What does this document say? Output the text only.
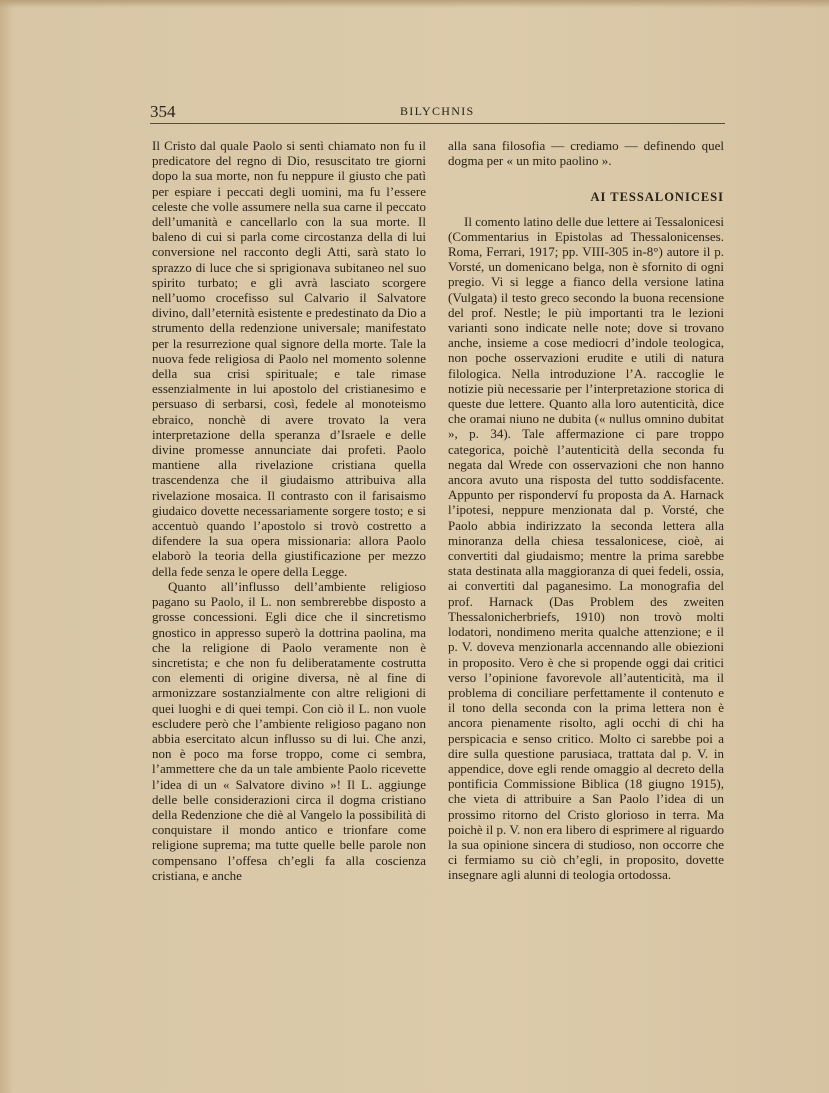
354	BILYCHNIS

Il Cristo dal quale Paolo si sentì chiamato non fu il predicatore del regno di Dio, resuscitato tre giorni dopo la sua morte, non fu neppure il giusto che patì per espiare i peccati degli uomini, ma fu l’essere celeste che volle assumere nella sua carne il peccato dell’umanità e cancellarlo con la sua morte. Il baleno di cui si parla come circostanza della di lui conversione nel racconto degli Atti, sarà stato lo sprazzo di luce che si sprigionava subitaneo nel suo spirito turbato; e gli avrà lasciato scorgere nell’uomo crocefisso sul Calvario il Salvatore divino, dall’eternità esistente e predestinato da Dio a strumento della redenzione universale; manifestato per la resurrezione qual signore della morte. Tale la nuova fede religiosa di Paolo nel momento solenne della sua crisi spirituale; e tale rimase essenzialmente in lui apostolo del cristianesimo e persuaso di serbarsi, così, fedele al monoteismo ebraico, nonchè di avere trovato la vera interpretazione della speranza d’Israele e delle divine promesse annunciate dai profeti. Paolo mantiene alla rivelazione cristiana quella trascendenza che il giudaismo attribuiva alla rivelazione mosaica. Il contrasto con il farisaismo giudaico dovette necessariamente sorgere tosto; e si accentuò quando l’apostolo si trovò costretto a difendere la sua opera missionaria: allora Paolo elaborò la teoria della giustificazione per mezzo della fede senza le opere della Legge.

Quanto all’influsso dell’ambiente religioso pagano su Paolo, il L. non sembrerebbe disposto a grosse concessioni. Egli dice che il sincretismo gnostico in appresso superò la dottrina paolina, ma che la religione di Paolo veramente non è sincretista; e che non fu deliberatamente costrutta con elementi di origine diversa, nè al fine di armonizzare sostanzialmente con altre religioni di quei luoghi e di quei tempi. Con ciò il L. non vuole escludere però che l’ambiente religioso pagano non abbia esercitato alcun influsso su di lui. Che anzi, non è poco ma forse troppo, come ci sembra, l’ammettere che da un tale ambiente Paolo ricevette l’idea di un « Salvatore divino »! Il L. aggiunge delle belle considerazioni circa il dogma cristiano della Redenzione che diè al Vangelo la possibilità di conquistare il mondo antico e trionfare come religione suprema; ma tutte quelle belle parole non compensano l’offesa ch’egli fa alla coscienza cristiana, e anche

alla sana filosofia — crediamo — definendo quel dogma per « un mito paolino ».

AI TESSALONICESI

Il comento latino delle due lettere ai Tessalonicesi (Commentarius in Epistolas ad Thessalonicenses. Roma, Ferrari, 1917; pp. VIII-305 in-8°) autore il p. Vorsté, un domenicano belga, non è sfornito di ogni pregio. Vi si legge a fianco della versione latina (Vulgata) il testo greco secondo la buona recensione del prof. Nestle; le più importanti tra le lezioni varianti sono indicate nelle note; dove si trovano anche, insieme a cose mediocri d’indole teologica, non poche osservazioni erudite e utili di natura filologica. Nella introduzione l’A. raccoglie le notizie più necessarie per l’interpretazione storica di queste due lettere. Quanto alla loro autenticità, dice che oramai niuno ne dubita (« nullus omnino dubitat », p. 34). Tale affermazione ci pare troppo categorica, poichè l’autenticità della seconda fu negata dal Wrede con osservazioni che non hanno ancora avuto una risposta del tutto soddisfacente. Appunto per risponderví fu proposta da A. Harnack l’ipotesi, neppure menzionata dal p. Vorsté, che Paolo abbia indirizzato la seconda lettera alla minoranza della chiesa tessalonicese, cioè, ai convertiti dal giudaismo; mentre la prima sarebbe stata destinata alla maggioranza di quei fedeli, ossia, ai convertiti dal paganesimo. La monografia del prof. Harnack (Das Problem des zweiten Thessalonicherbriefs, 1910) non trovò molti lodatori, nondimeno merita qualche attenzione; e il p. V. doveva menzionarla accennando alle obiezioni in proposito. Vero è che si propende oggi dai critici verso l’opinione favorevole all’autenticità, ma il problema di conciliare perfettamente il contenuto e il tono della seconda con la prima lettera non è ancora pienamente risolto, agli occhi di chi ha perspicacia e senso critico. Molto ci sarebbe poi a dire sulla questione parusiaca, trattata dal p. V. in appendice, dove egli rende omaggio al decreto della pontificia Commissione Biblica (18 giugno 1915), che vieta di attribuire a San Paolo l’idea di un prossimo ritorno del Cristo glorioso in terra. Ma poichè il p. V. non era libero di esprimere al riguardo la sua opinione sincera di studioso, non occorre che ci fermiamo su ciò ch’egli, in proposito, dovette insegnare agli alunni di teologia ortodossa.
